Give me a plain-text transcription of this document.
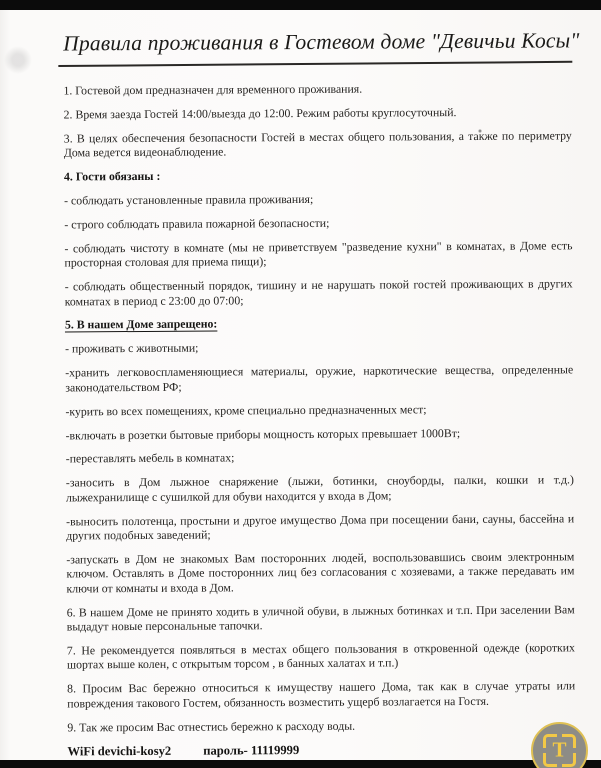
Правила проживания в Гостевом доме "Девичьи Косы"

1. Гостевой дом предназначен для временного проживания.

2. Время заезда Гостей 14:00/выезда до 12:00. Режим работы круглосуточный.

3. В целях обеспечения безопасности Гостей в местах общего пользования, а также по периметру Дома ведется видеонаблюдение.

4. Гости обязаны :

- соблюдать установленные правила проживания;

- строго соблюдать правила пожарной безопасности;

- соблюдать чистоту в комнате (мы не приветствуем "разведение кухни" в комнатах, в Доме есть просторная столовая для приема пищи);

- соблюдать общественный порядок, тишину и не нарушать покой гостей проживающих в других комнатах в период с 23:00 до 07:00;

5. В нашем Доме запрещено:

- проживать с животными;

-хранить легковоспламеняющиеся материалы, оружие, наркотические вещества, определенные законодательством РФ;

-курить во всех помещениях, кроме специально предназначенных мест;

-включать в розетки бытовые приборы мощность которых превышает 1000Вт;

-переставлять мебель в комнатах;

-заносить в Дом лыжное снаряжение (лыжи, ботинки, сноуборды, палки, кошки и т.д.) лыжехранилище с сушилкой для обуви находится у входа в Дом;

-выносить полотенца, простыни и другое имущество Дома при посещении бани, сауны, бассейна и других подобных заведений;

-запускать в Дом не знакомых Вам посторонних людей, воспользовавшись своим электронным ключом. Оставлять в Доме посторонних лиц без согласования с хозяевами, а также передавать им ключи от комнаты и входа в Дом.

6. В нашем Доме не принято ходить в уличной обуви, в лыжных ботинках и т.п. При заселении Вам выдадут новые персональные тапочки.

7. Не рекомендуется появляться в местах общего пользования в откровенной одежде (коротких шортах выше колен, с открытым торсом , в банных халатах и т.п.)

8. Просим Вас бережно относиться к имуществу нашего Дома, так как в случае утраты или повреждения такового Гостем, обязанность возместить ущерб возлагается на Гостя.

9. Так же просим Вас отнестись бережно к расходу воды.

WiFi devichi-kosy2	пароль- 11119999	Т
